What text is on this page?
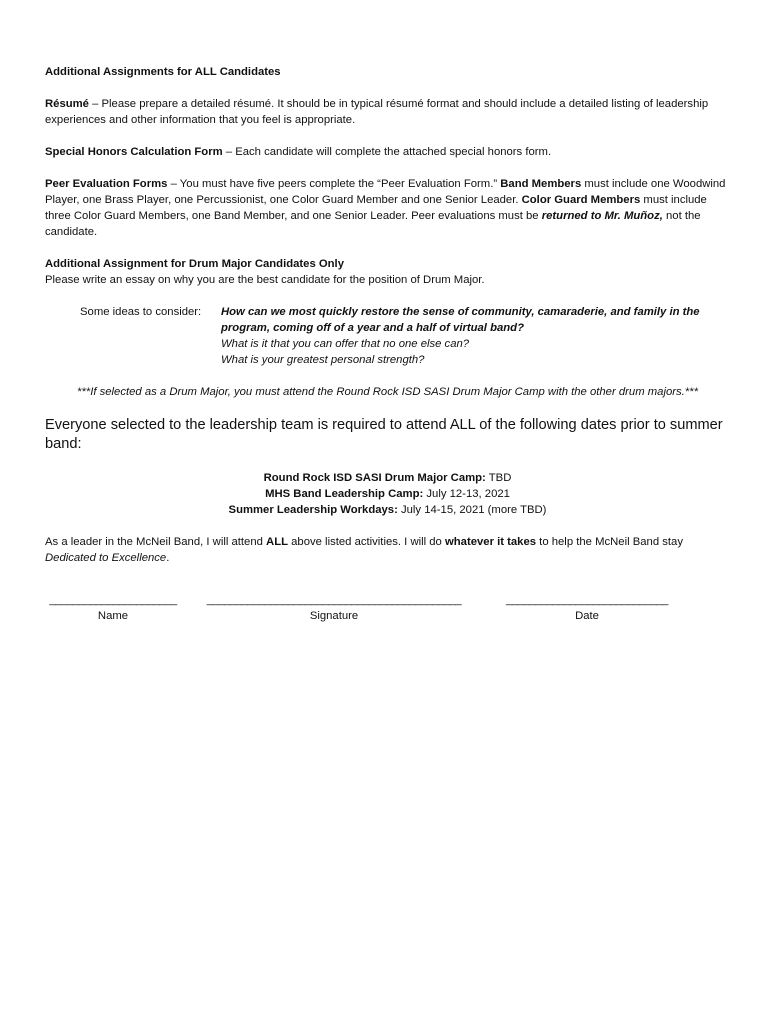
Additional Assignments for ALL Candidates

Résumé – Please prepare a detailed résumé. It should be in typical résumé format and should include a detailed listing of leadership experiences and other information that you feel is appropriate.

Special Honors Calculation Form – Each candidate will complete the attached special honors form.

Peer Evaluation Forms – You must have five peers complete the “Peer Evaluation Form.” Band Members must include one Woodwind Player, one Brass Player, one Percussionist, one Color Guard Member and one Senior Leader. Color Guard Members must include three Color Guard Members, one Band Member, and one Senior Leader. Peer evaluations must be returned to Mr. Muñoz, not the candidate.

Additional Assignment for Drum Major Candidates Only

Please write an essay on why you are the best candidate for the position of Drum Major.

Some ideas to consider:	How can we most quickly restore the sense of community, camaraderie, and family in the program, coming off of a year and a half of virtual band?

What is it that you can offer that no one else can?

What is your greatest personal strength?

***If selected as a Drum Major, you must attend the Round Rock ISD SASI Drum Major Camp with the other drum majors.***

Everyone selected to the leadership team is required to attend ALL of the following dates prior to summer band:

Round Rock ISD SASI Drum Major Camp: TBD

MHS Band Leadership Camp: July 12-13, 2021

Summer Leadership Workdays: July 14-15, 2021 (more TBD)

As a leader in the McNeil Band, I will attend ALL above listed activities. I will do whatever it takes to help the McNeil Band stay Dedicated to Excellence.

______________________
Name
____________________________________________
Signature
____________________________
Date
